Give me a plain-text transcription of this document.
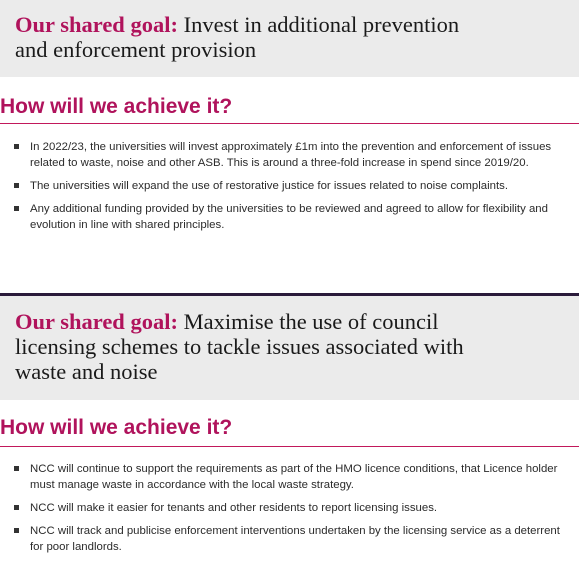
Our shared goal: Invest in additional prevention
and enforcement provision

How will we achieve it?
In 2022/23, the universities will invest approximately £1m into the prevention and enforcement of issues related to waste, noise and other ASB. This is around a three-fold increase in spend since 2019/20.
The universities will expand the use of restorative justice for issues related to noise complaints.
Any additional funding provided by the universities to be reviewed and agreed to allow for flexibility and evolution in line with shared principles.

Our shared goal: Maximise the use of council
licensing schemes to tackle issues associated with
waste and noise

How will we achieve it?
NCC will continue to support the requirements as part of the HMO licence conditions, that Licence holder must manage waste in accordance with the local waste strategy.
NCC will make it easier for tenants and other residents to report licensing issues.
NCC will track and publicise enforcement interventions undertaken by the licensing service as a deterrent for poor landlords.
